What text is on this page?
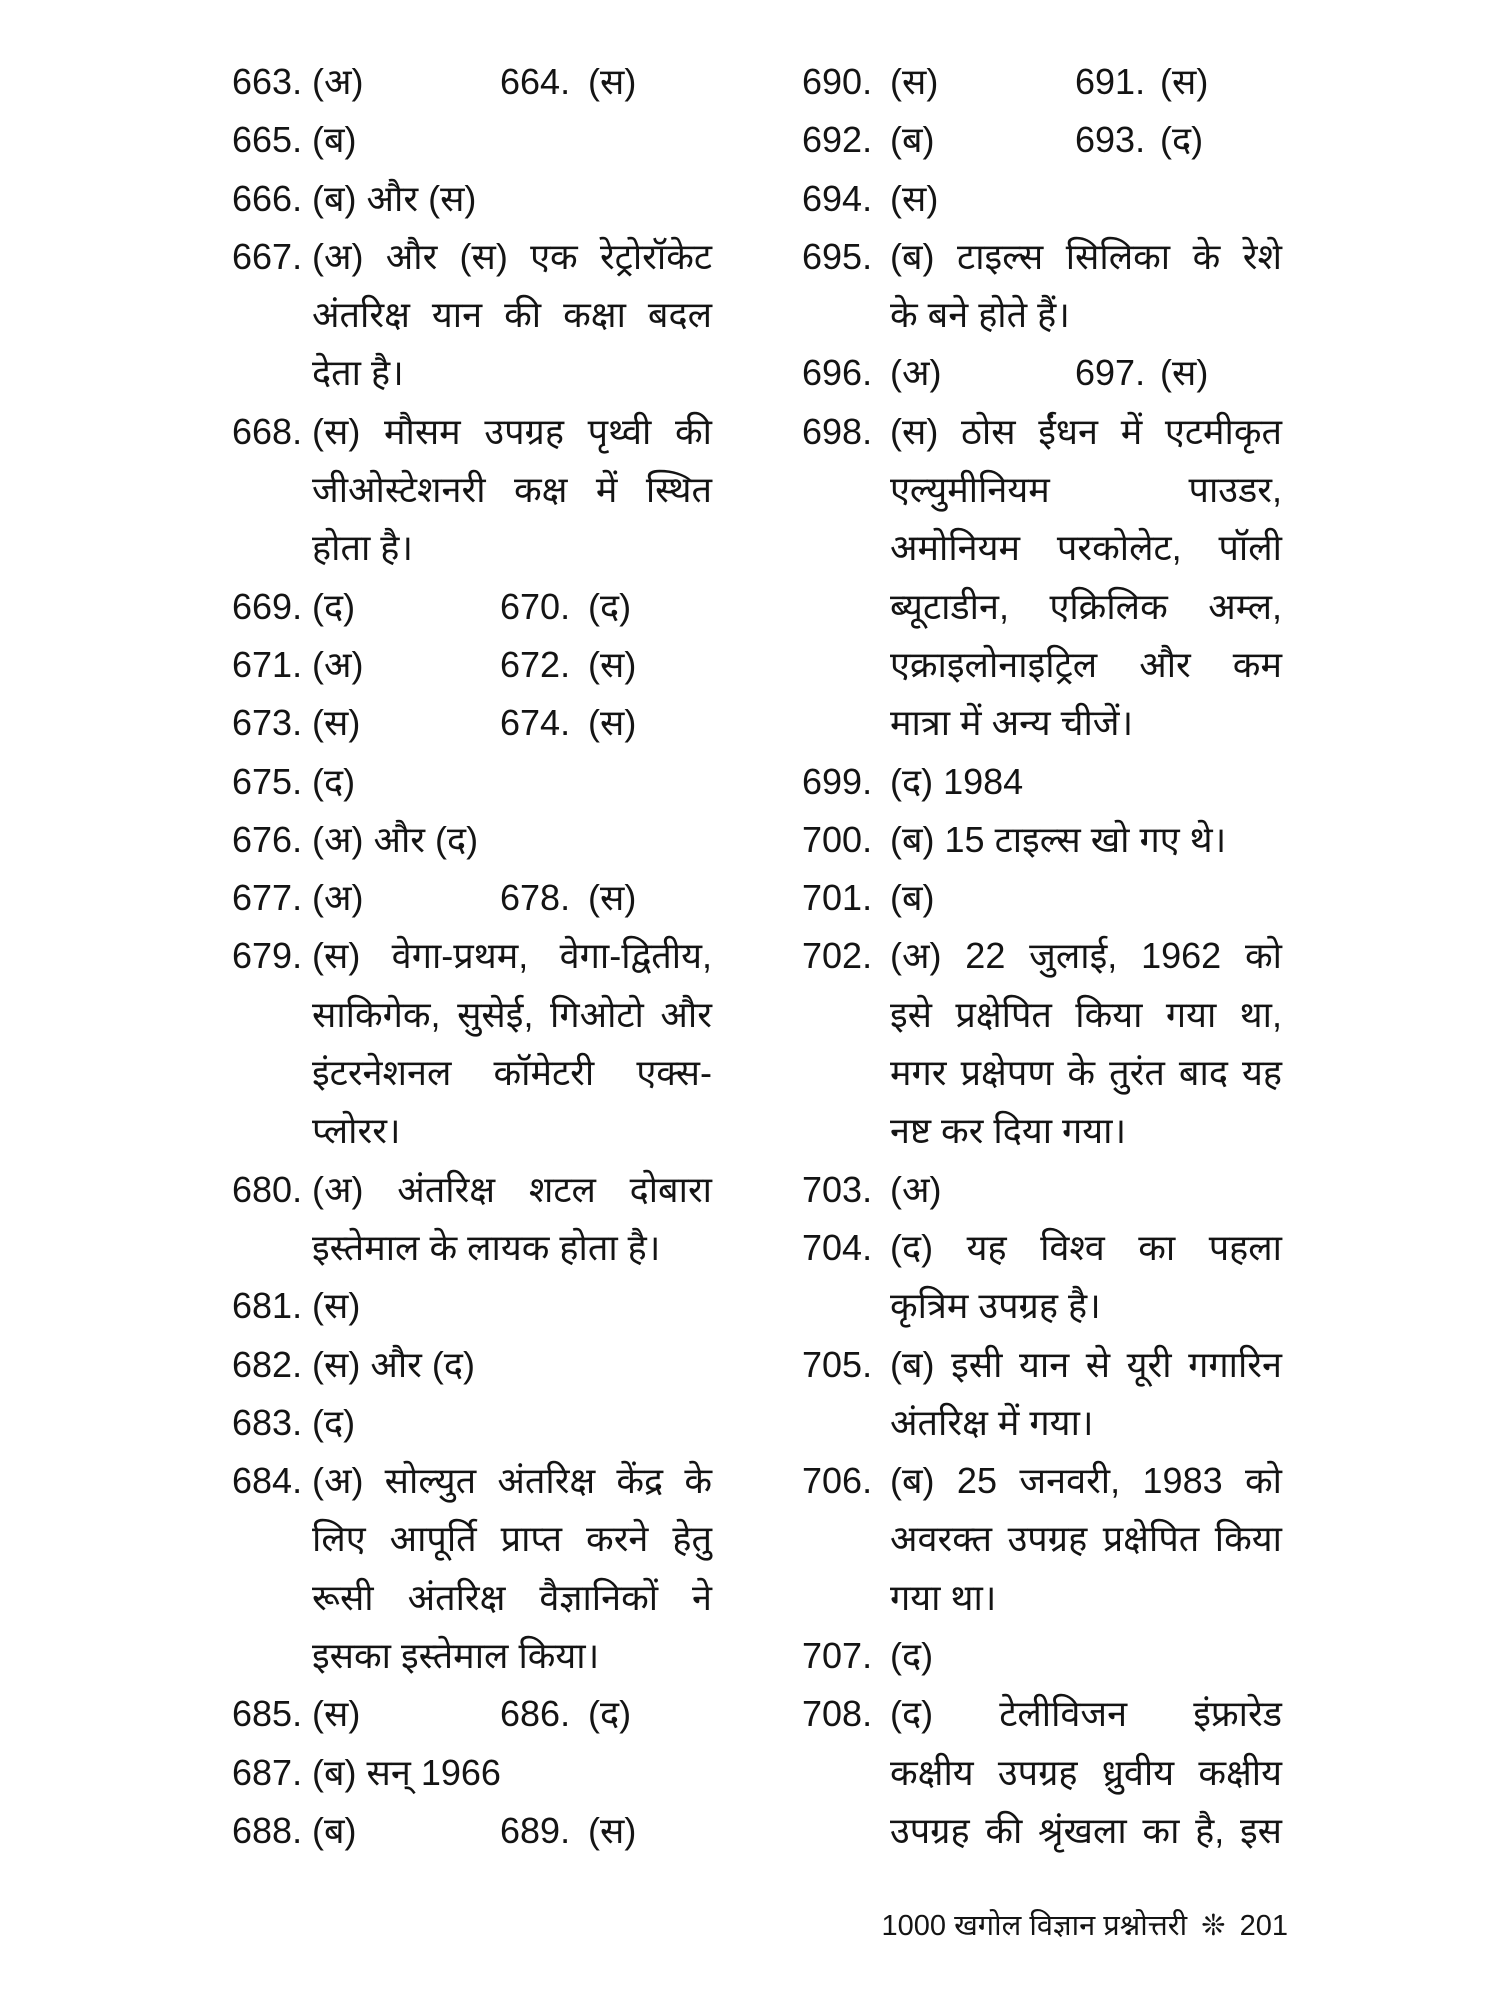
663. (अ)	664. (स)
665. (ब)
666. (ब) और (स)
667. (अ) और (स) एक रेट्रोरॉकेट
अंतरिक्ष यान की कक्षा बदल
देता है।
668. (स) मौसम उपग्रह पृथ्वी की
जीओस्टेशनरी कक्ष में स्थित
होता है।
669. (द)	670. (द)
671. (अ)	672. (स)
673. (स)	674. (स)
675. (द)
676. (अ) और (द)
677. (अ)	678. (स)
679. (स) वेगा-प्रथम, वेगा-द्वितीय,
साकिगेक, सुसेई, गिओटो और
इंटरनेशनल कॉमेटरी एक्स-
प्लोरर।
680. (अ) अंतरिक्ष शटल दोबारा
इस्तेमाल के लायक होता है।
681. (स)
682. (स) और (द)
683. (द)
684. (अ) सोल्युत अंतरिक्ष केंद्र के
लिए आपूर्ति प्राप्त करने हेतु
रूसी अंतरिक्ष वैज्ञानिकों ने
इसका इस्तेमाल किया।
685. (स)	686. (द)
687. (ब) सन् 1966
688. (ब)	689. (स)
690. (स)	691. (स)
692. (ब)	693. (द)
694. (स)
695. (ब) टाइल्स सिलिका के रेशे
के बने होते हैं।
696. (अ)	697. (स)
698. (स) ठोस ईंधन में एटमीकृत
एल्युमीनियम पाउडर,
अमोनियम परकोलेट, पॉली
ब्यूटाडीन, एक्रिलिक अम्ल,
एक्राइलोनाइट्रिल और कम
मात्रा में अन्य चीजें।
699. (द) 1984
700. (ब) 15 टाइल्स खो गए थे।
701. (ब)
702. (अ) 22 जुलाई, 1962 को
इसे प्रक्षेपित किया गया था,
मगर प्रक्षेपण के तुरंत बाद यह
नष्ट कर दिया गया।
703. (अ)
704. (द) यह विश्व का पहला
कृत्रिम उपग्रह है।
705. (ब) इसी यान से यूरी गगारिन
अंतरिक्ष में गया।
706. (ब) 25 जनवरी, 1983 को
अवरक्त उपग्रह प्रक्षेपित किया
गया था।
707. (द)
708. (द) टेलीविजन इंफ्रारेड
कक्षीय उपग्रह ध्रुवीय कक्षीय
उपग्रह की श्रृंखला का है, इस
1000 खगोल विज्ञान प्रश्नोत्तरी ❊ 201
